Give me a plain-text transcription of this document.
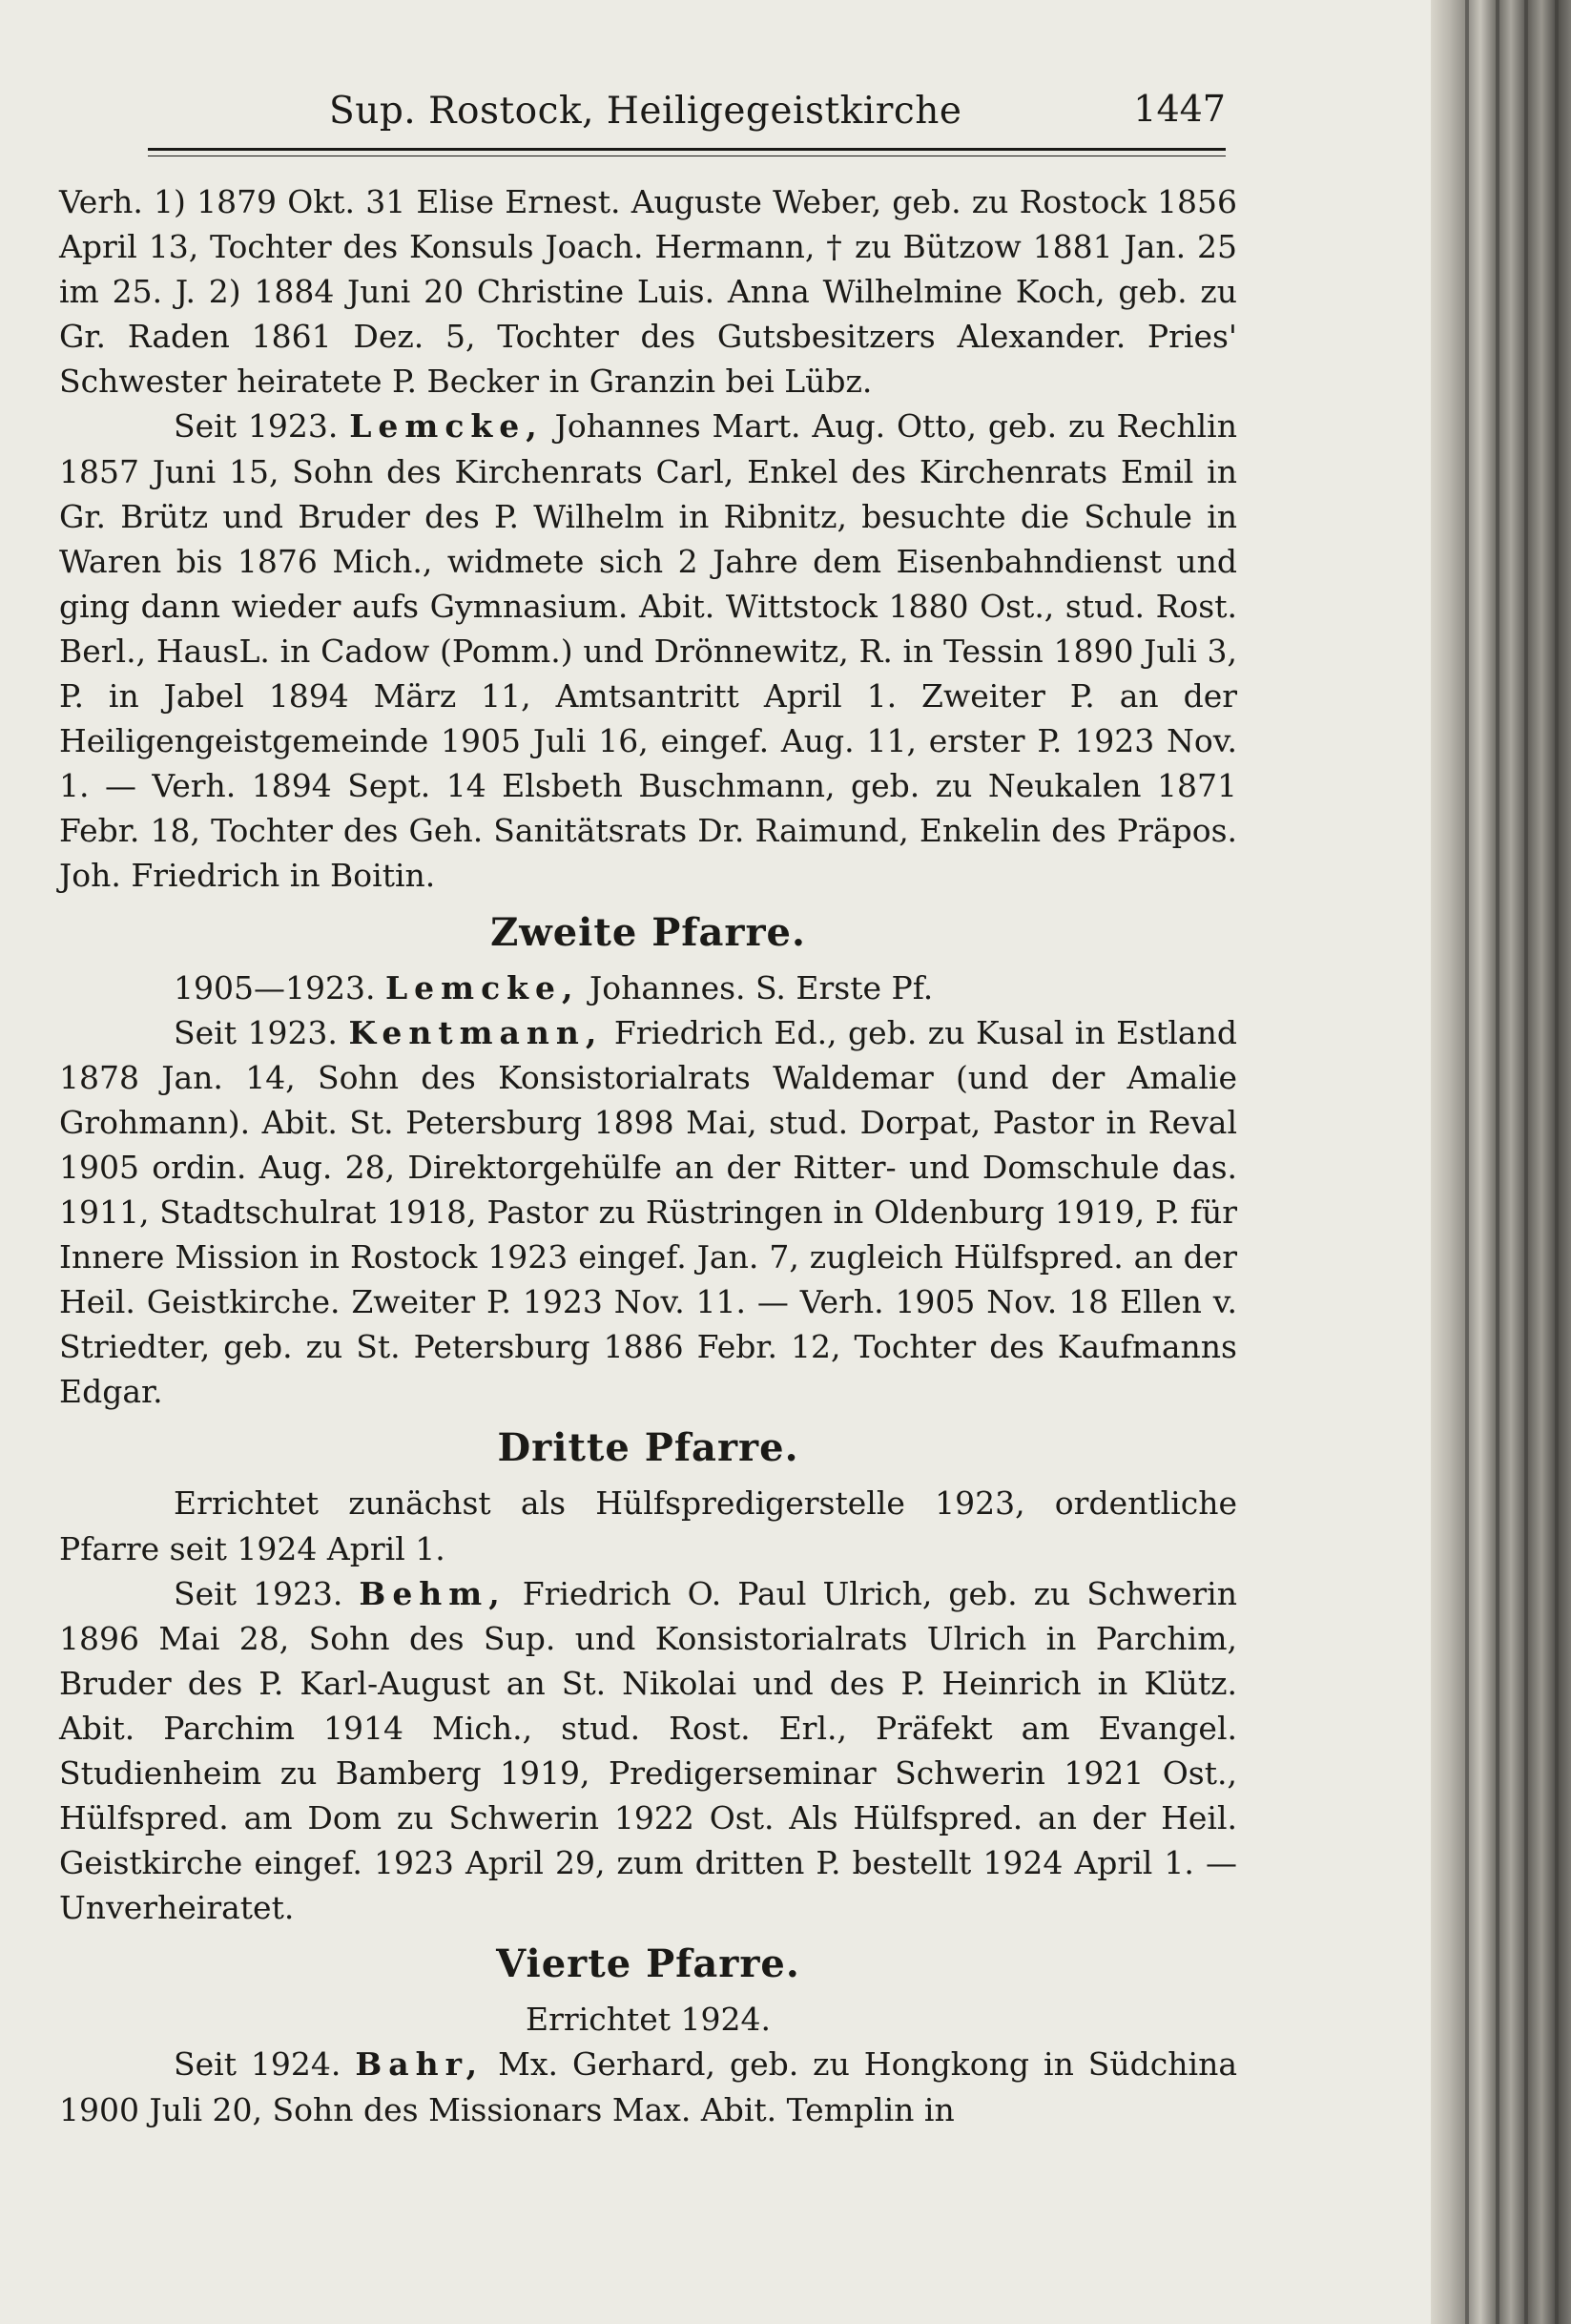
Sup. Rostock, Heiligegeistkirche	1447

Verh. 1) 1879 Okt. 31 Elise Ernest. Auguste Weber, geb. zu Rostock 1856 April 13, Tochter des Konsuls Joach. Hermann, † zu Bützow 1881 Jan. 25 im 25. J. 2) 1884 Juni 20 Christine Luis. Anna Wilhelmine Koch, geb. zu Gr. Raden 1861 Dez. 5, Tochter des Gutsbesitzers Alexander. Pries' Schwester heiratete P. Becker in Granzin bei Lübz.

Seit 1923. Lemcke, Johannes Mart. Aug. Otto, geb. zu Rechlin 1857 Juni 15, Sohn des Kirchenrats Carl, Enkel des Kirchenrats Emil in Gr. Brütz und Bruder des P. Wilhelm in Ribnitz, besuchte die Schule in Waren bis 1876 Mich., widmete sich 2 Jahre dem Eisenbahndienst und ging dann wieder aufs Gymnasium. Abit. Wittstock 1880 Ost., stud. Rost. Berl., HausL. in Cadow (Pomm.) und Drönnewitz, R. in Tessin 1890 Juli 3, P. in Jabel 1894 März 11, Amtsantritt April 1. Zweiter P. an der Heiligengeistgemeinde 1905 Juli 16, eingef. Aug. 11, erster P. 1923 Nov. 1. — Verh. 1894 Sept. 14 Elsbeth Buschmann, geb. zu Neukalen 1871 Febr. 18, Tochter des Geh. Sanitätsrats Dr. Raimund, Enkelin des Präpos. Joh. Friedrich in Boitin.

Zweite Pfarre.

1905—1923. Lemcke, Johannes. S. Erste Pf.

Seit 1923. Kentmann, Friedrich Ed., geb. zu Kusal in Estland 1878 Jan. 14, Sohn des Konsistorialrats Waldemar (und der Amalie Grohmann). Abit. St. Petersburg 1898 Mai, stud. Dorpat, Pastor in Reval 1905 ordin. Aug. 28, Direktorgehülfe an der Ritter- und Domschule das. 1911, Stadtschulrat 1918, Pastor zu Rüstringen in Oldenburg 1919, P. für Innere Mission in Rostock 1923 eingef. Jan. 7, zugleich Hülfspred. an der Heil. Geistkirche. Zweiter P. 1923 Nov. 11. — Verh. 1905 Nov. 18 Ellen v. Striedter, geb. zu St. Petersburg 1886 Febr. 12, Tochter des Kaufmanns Edgar.

Dritte Pfarre.

Errichtet zunächst als Hülfspredigerstelle 1923, ordentliche Pfarre seit 1924 April 1.

Seit 1923. Behm, Friedrich O. Paul Ulrich, geb. zu Schwerin 1896 Mai 28, Sohn des Sup. und Konsistorialrats Ulrich in Parchim, Bruder des P. Karl-August an St. Nikolai und des P. Heinrich in Klütz. Abit. Parchim 1914 Mich., stud. Rost. Erl., Präfekt am Evangel. Studienheim zu Bamberg 1919, Predigerseminar Schwerin 1921 Ost., Hülfspred. am Dom zu Schwerin 1922 Ost. Als Hülfspred. an der Heil. Geistkirche eingef. 1923 April 29, zum dritten P. bestellt 1924 April 1. — Unverheiratet.

Vierte Pfarre.

Errichtet 1924.

Seit 1924. Bahr, Mx. Gerhard, geb. zu Hongkong in Südchina 1900 Juli 20, Sohn des Missionars Max. Abit. Templin in
